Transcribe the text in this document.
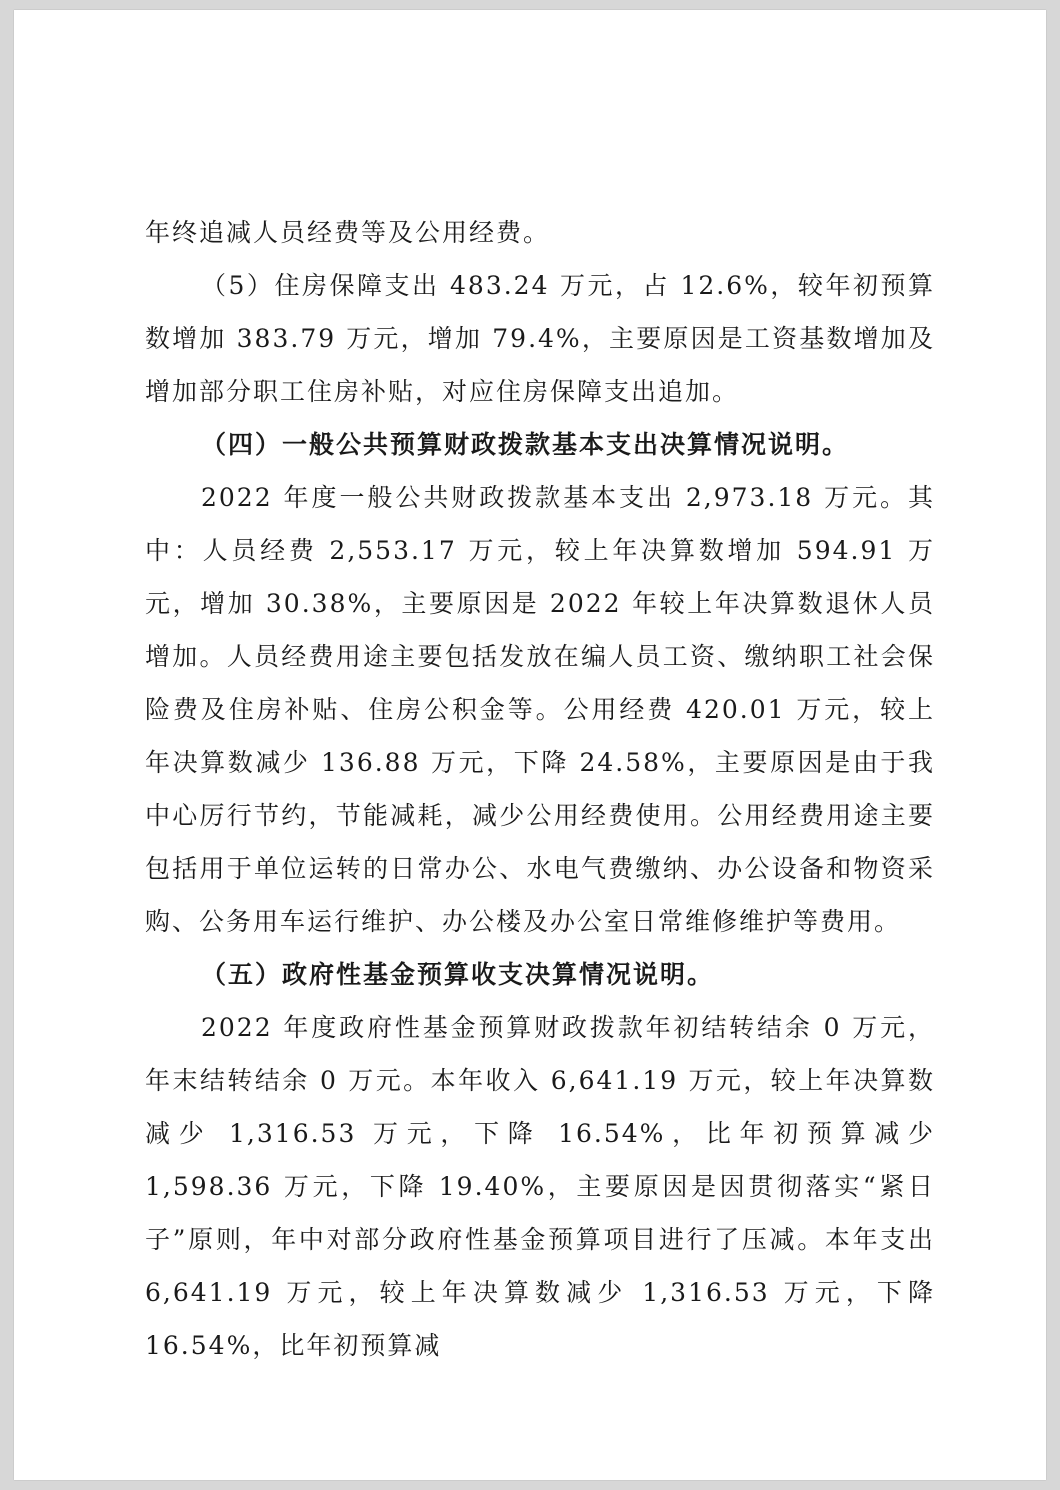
年终追减人员经费等及公用经费。

（5）住房保障支出 483.24 万元，占 12.6%，较年初预算数增加 383.79 万元，增加 79.4%，主要原因是工资基数增加及增加部分职工住房补贴，对应住房保障支出追加。

（四）一般公共预算财政拨款基本支出决算情况说明。

2022 年度一般公共财政拨款基本支出 2,973.18 万元。其中：人员经费 2,553.17 万元，较上年决算数增加 594.91 万元，增加 30.38%，主要原因是 2022 年较上年决算数退休人员增加。人员经费用途主要包括发放在编人员工资、缴纳职工社会保险费及住房补贴、住房公积金等。公用经费 420.01 万元，较上年决算数减少 136.88 万元，下降 24.58%，主要原因是由于我中心厉行节约，节能减耗，减少公用经费使用。公用经费用途主要包括用于单位运转的日常办公、水电气费缴纳、办公设备和物资采购、公务用车运行维护、办公楼及办公室日常维修维护等费用。

（五）政府性基金预算收支决算情况说明。

2022 年度政府性基金预算财政拨款年初结转结余 0 万元，年末结转结余 0 万元。本年收入 6,641.19 万元，较上年决算数减少 1,316.53 万元，下降 16.54%，比年初预算减少 1,598.36 万元，下降 19.40%，主要原因是因贯彻落实“紧日子”原则，年中对部分政府性基金预算项目进行了压减。本年支出 6,641.19 万元，较上年决算数减少 1,316.53 万元，下降 16.54%，比年初预算减
